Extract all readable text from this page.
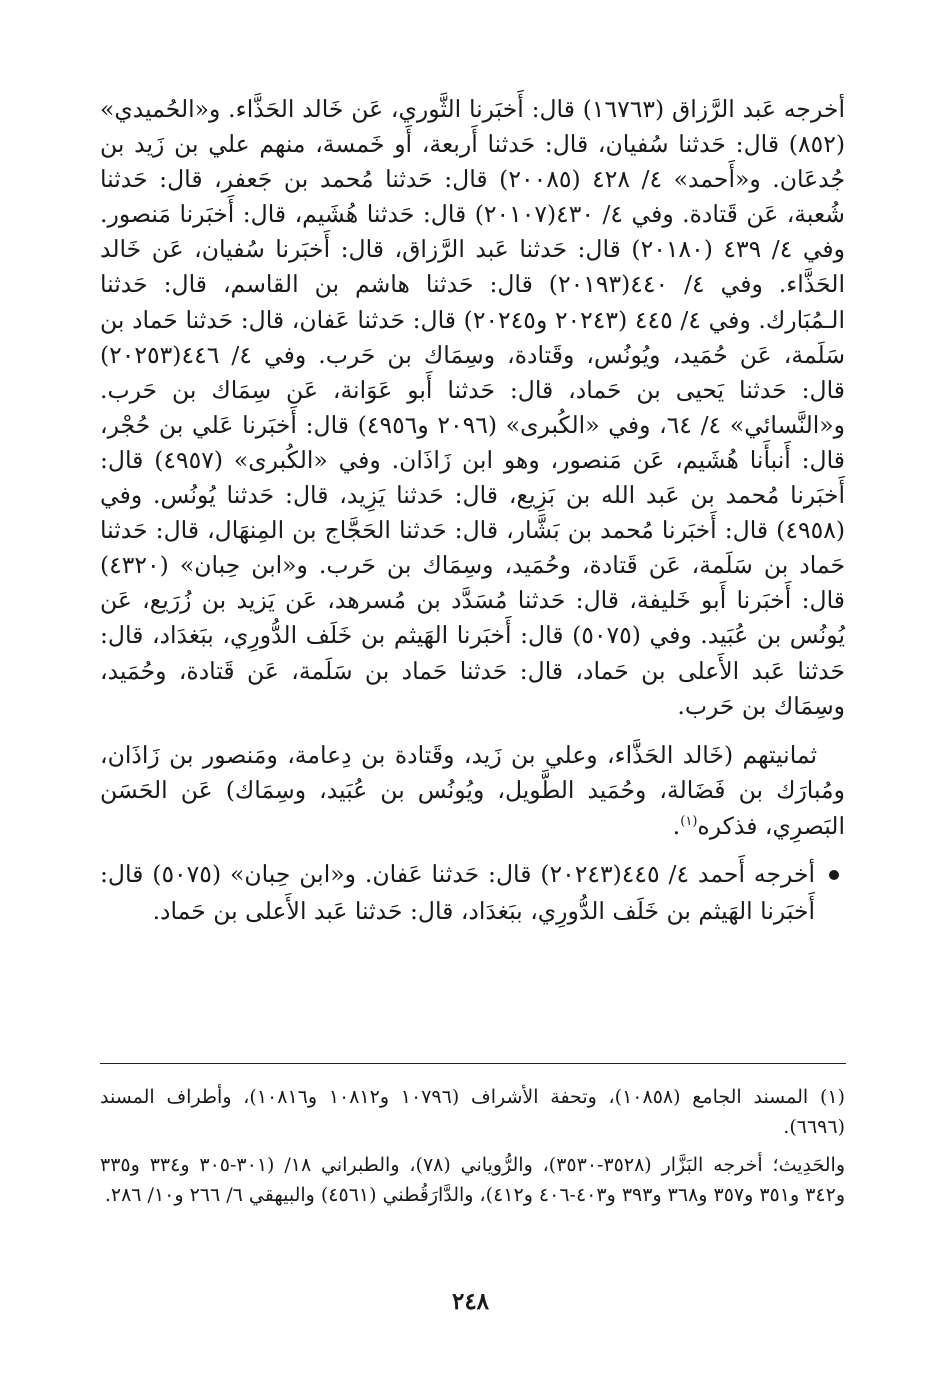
أخرجه عَبد الرَّزاق (١٦٧٦٣) قال: أَخبَرنا الثَّوري، عَن خَالد الحَذَّاء. و«الحُميدي» (٨٥٢) قال: حَدثنا سُفيان، قال: حَدثنا أَربعة، أَو خَمسة، منهم علي بن زَيد بن جُدعَان. و«أَحمد» ٤/ ٤٢٨ (٢٠٠٨٥) قال: حَدثنا مُحمد بن جَعفر، قال: حَدثنا شُعبة، عَن قَتادة. وفي ٤/ ٤٣٠(٢٠١٠٧) قال: حَدثنا هُشَيم، قال: أَخبَرنا مَنصور. وفي ٤/ ٤٣٩ (٢٠١٨٠) قال: حَدثنا عَبد الرَّزاق، قال: أَخبَرنا سُفيان، عَن خَالد الحَذَّاء. وفي ٤/ ٤٤٠(٢٠١٩٣) قال: حَدثنا هاشم بن القاسم، قال: حَدثنا الـمُبَارك. وفي ٤/ ٤٤٥ (٢٠٢٤٣ و٢٠٢٤٥) قال: حَدثنا عَفان، قال: حَدثنا حَماد بن سَلَمة، عَن حُمَيد، ويُونُس، وقَتادة، وسِمَاك بن حَرب. وفي ٤/ ٤٤٦(٢٠٢٥٣) قال: حَدثنا يَحيى بن حَماد، قال: حَدثنا أَبو عَوَانة، عَن سِمَاك بن حَرب. و«النَّسائي» ٤/ ٦٤، وفي «الكُبرى» (٢٠٩٦ و٤٩٥٦) قال: أَخبَرنا عَلي بن حُجْر، قال: أَنبأَنا هُشَيم، عَن مَنصور، وهو ابن زَاذَان. وفي «الكُبرى» (٤٩٥٧) قال: أَخبَرنا مُحمد بن عَبد الله بن بَزِيع، قال: حَدثنا يَزِيد، قال: حَدثنا يُونُس. وفي (٤٩٥٨) قال: أَخبَرنا مُحمد بن بَشَّار، قال: حَدثنا الحَجَّاج بن المِنهَال، قال: حَدثنا حَماد بن سَلَمة، عَن قَتادة، وحُمَيد، وسِمَاك بن حَرب. و«ابن حِبان» (٤٣٢٠) قال: أَخبَرنا أَبو خَليفة، قال: حَدثنا مُسَدَّد بن مُسرهد، عَن يَزيد بن زُرَيع، عَن يُونُس بن عُبَيد. وفي (٥٠٧٥) قال: أَخبَرنا الهَيثم بن خَلَف الدُّورِي، ببَغدَاد، قال: حَدثنا عَبد الأَعلى بن حَماد، قال: حَدثنا حَماد بن سَلَمة، عَن قَتادة، وحُمَيد، وسِمَاك بن حَرب.

ثمانيتهم (خَالد الحَذَّاء، وعلي بن زَيد، وقَتادة بن دِعامة، ومَنصور بن زَاذَان، ومُبارَك بن فَضَالة، وحُمَيد الطَّويل، ويُونُس بن عُبَيد، وسِمَاك) عَن الحَسَن البَصرِي، فذكره$^{(١)}$.

أخرجه أَحمد ٤/ ٤٤٥(٢٠٢٤٣) قال: حَدثنا عَفان. و«ابن حِبان» (٥٠٧٥) قال: أَخبَرنا الهَيثم بن خَلَف الدُّورِي، ببَغدَاد، قال: حَدثنا عَبد الأَعلى بن حَماد.

(١) المسند الجامع (١٠٨٥٨)، وتحفة الأشراف (١٠٧٩٦ و١٠٨١٢ و١٠٨١٦)، وأطراف المسند (٦٦٩٦).

والحَدِيث؛ أخرجه البَزَّار (٣٥٢٨-٣٥٣٠)، والرُّوياني (٧٨)، والطبراني ١٨/ (٣٠١-٣٠٥ و٣٣٤ و٣٣٥ و٣٤٢ و٣٥١ و٣٥٧ و٣٦٨ و٣٩٣ و٤٠٣-٤٠٦ و٤١٢)، والدَّارَقُطني (٤٥٦١) والبيهقي ٦/ ٢٦٦ و١٠/ ٢٨٦.

٢٤٨
